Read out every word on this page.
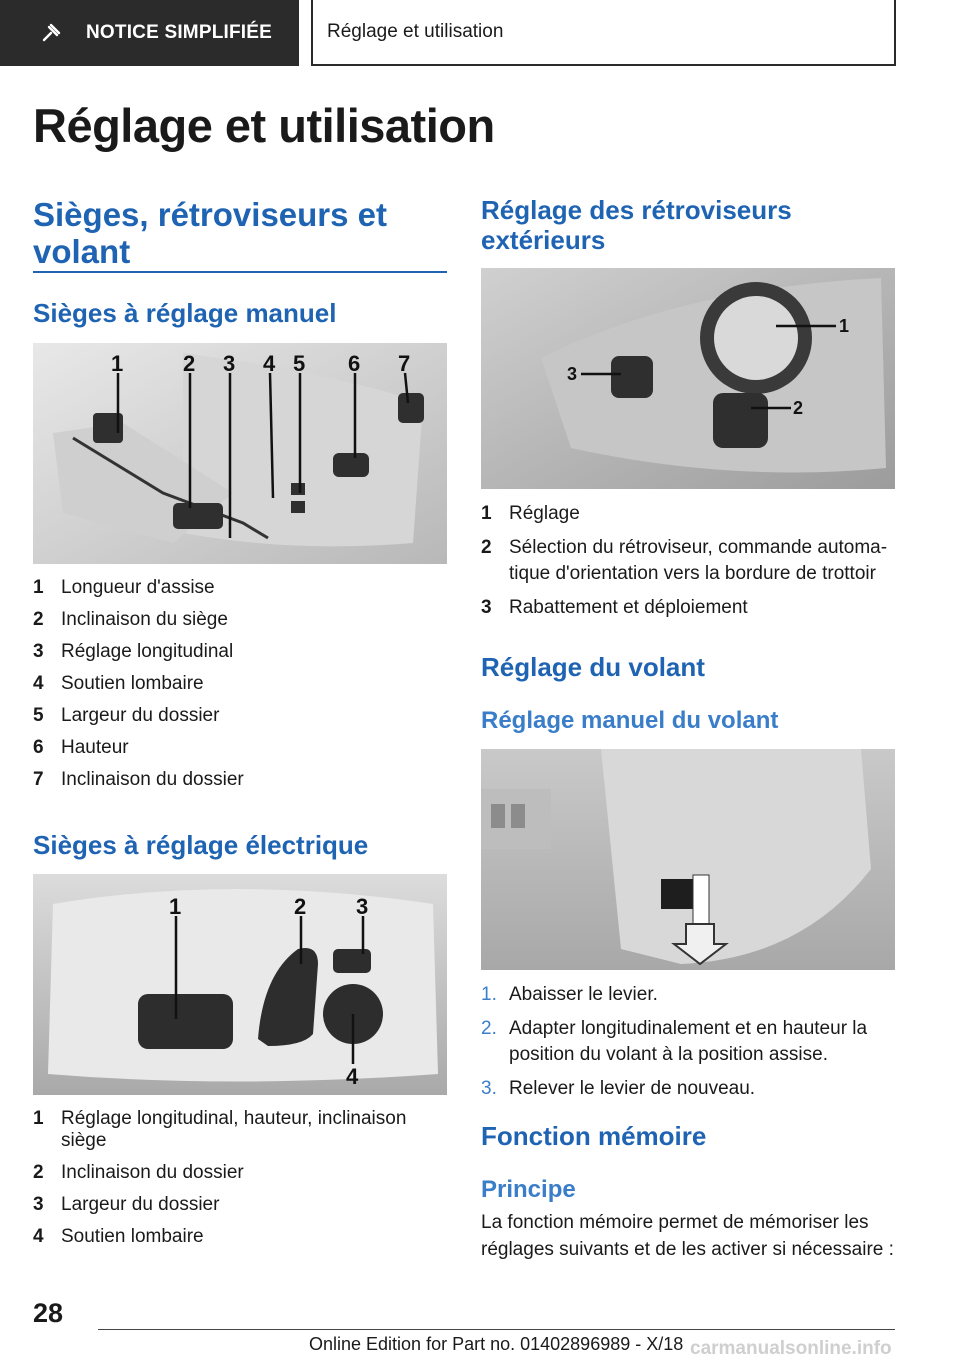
NOTICE SIMPLIFIÉE	Réglage et utilisation
Réglage et utilisation
Sièges, rétroviseurs et volant
Sièges à réglage manuel
1	2 3 4 5 6 7
1 Longueur d'assise
2 Inclinaison du siège
3 Réglage longitudinal
4 Soutien lombaire
5 Largeur du dossier
6 Hauteur
7 Inclinaison du dossier
Sièges à réglage électrique
1	2 3
4
1 Réglage longitudinal, hauteur, inclinaison siège
2 Inclinaison du dossier
3 Largeur du dossier
4 Soutien lombaire
Réglage des rétroviseurs extérieurs
1
2
3
1 Réglage
2 Sélection du rétroviseur, commande automatique d'orientation vers la bordure de trottoir
3 Rabattement et déploiement
Réglage du volant
Réglage manuel du volant
1. Abaisser le levier.
2. Adapter longitudinalement et en hauteur la position du volant à la position assise.
3. Relever le levier de nouveau.
Fonction mémoire
Principe
La fonction mémoire permet de mémoriser les réglages suivants et de les activer si nécessaire :
28
Online Edition for Part no. 01402896989 - X/18 carmanualsonline.info
